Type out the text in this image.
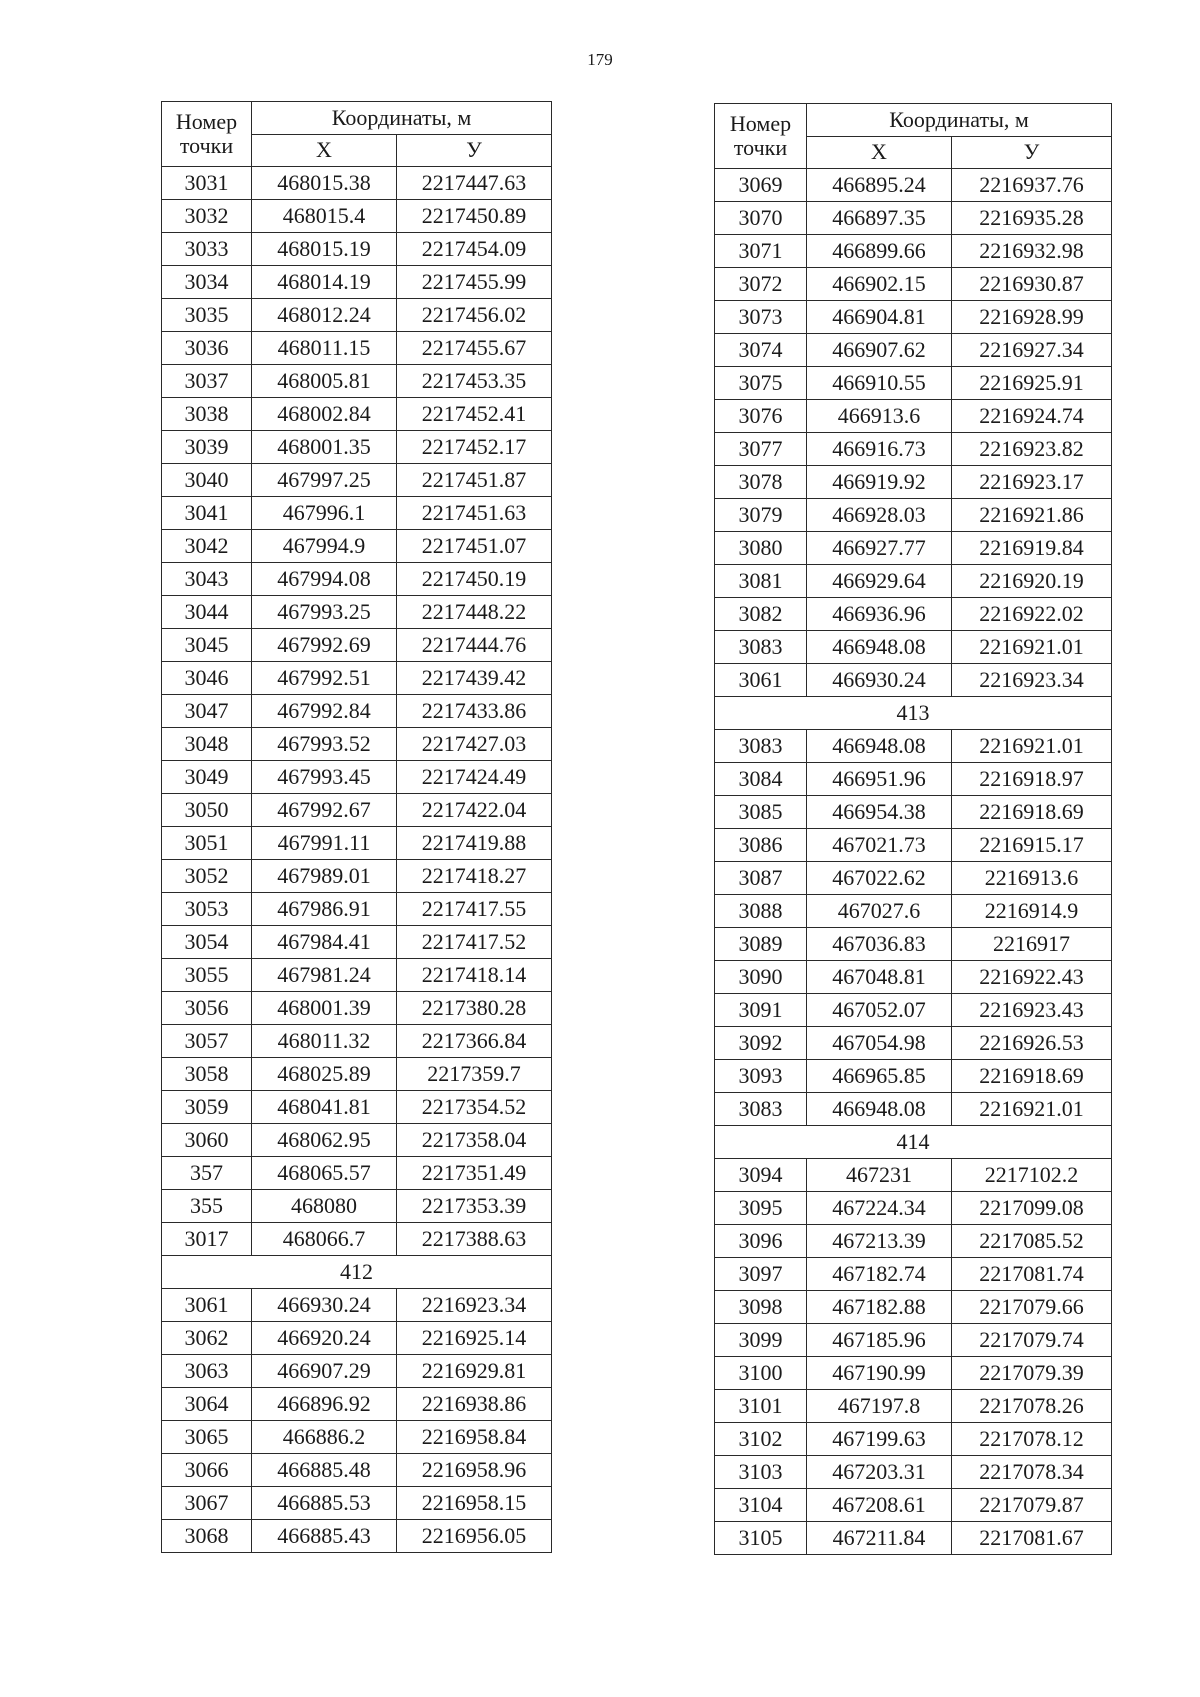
179
Номер	Координаты, м	
точки	X	У
3031	468015.38	2217447.63
3032	468015.4	2217450.89
3033	468015.19	2217454.09
3034	468014.19	2217455.99
3035	468012.24	2217456.02
3036	468011.15	2217455.67
3037	468005.81	2217453.35
3038	468002.84	2217452.41
3039	468001.35	2217452.17
3040	467997.25	2217451.87
3041	467996.1	2217451.63
3042	467994.9	2217451.07
3043	467994.08	2217450.19
3044	467993.25	2217448.22
3045	467992.69	2217444.76
3046	467992.51	2217439.42
3047	467992.84	2217433.86
3048	467993.52	2217427.03
3049	467993.45	2217424.49
3050	467992.67	2217422.04
3051	467991.11	2217419.88
3052	467989.01	2217418.27
3053	467986.91	2217417.55
3054	467984.41	2217417.52
3055	467981.24	2217418.14
3056	468001.39	2217380.28
3057	468011.32	2217366.84
3058	468025.89	2217359.7
3059	468041.81	2217354.52
3060	468062.95	2217358.04
357	468065.57	2217351.49
355	468080	2217353.39
3017	468066.7	2217388.63
412		
3061	466930.24	2216923.34
3062	466920.24	2216925.14
3063	466907.29	2216929.81
3064	466896.92	2216938.86
3065	466886.2	2216958.84
3066	466885.48	2216958.96
3067	466885.53	2216958.15
3068	466885.43	2216956.05
Номер	Координаты, м	
точки	X	У
3069	466895.24	2216937.76
3070	466897.35	2216935.28
3071	466899.66	2216932.98
3072	466902.15	2216930.87
3073	466904.81	2216928.99
3074	466907.62	2216927.34
3075	466910.55	2216925.91
3076	466913.6	2216924.74
3077	466916.73	2216923.82
3078	466919.92	2216923.17
3079	466928.03	2216921.86
3080	466927.77	2216919.84
3081	466929.64	2216920.19
3082	466936.96	2216922.02
3083	466948.08	2216921.01
3061	466930.24	2216923.34
413		
3083	466948.08	2216921.01
3084	466951.96	2216918.97
3085	466954.38	2216918.69
3086	467021.73	2216915.17
3087	467022.62	2216913.6
3088	467027.6	2216914.9
3089	467036.83	2216917
3090	467048.81	2216922.43
3091	467052.07	2216923.43
3092	467054.98	2216926.53
3093	466965.85	2216918.69
3083	466948.08	2216921.01
414		
3094	467231	2217102.2
3095	467224.34	2217099.08
3096	467213.39	2217085.52
3097	467182.74	2217081.74
3098	467182.88	2217079.66
3099	467185.96	2217079.74
3100	467190.99	2217079.39
3101	467197.8	2217078.26
3102	467199.63	2217078.12
3103	467203.31	2217078.34
3104	467208.61	2217079.87
3105	467211.84	2217081.67
